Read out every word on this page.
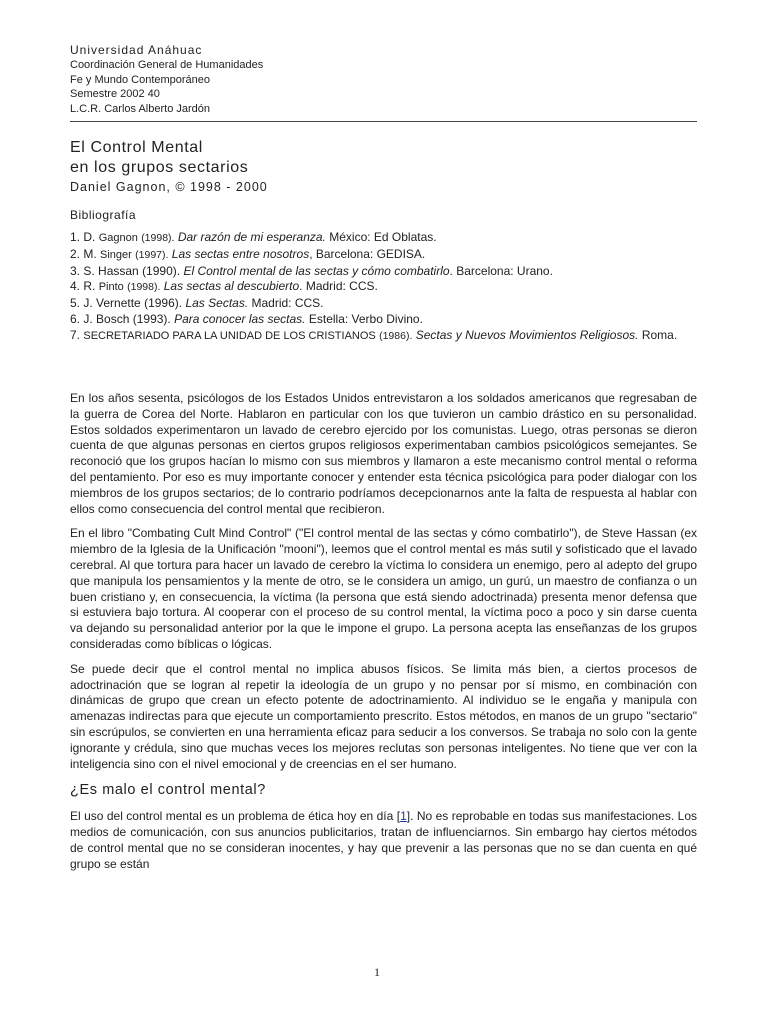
Universidad Anáhuac
Coordinación General de Humanidades
Fe y Mundo Contemporáneo
Semestre 2002 40
L.C.R. Carlos Alberto Jardón
El Control Mental
en los grupos sectarios
Daniel Gagnon, © 1998 - 2000
Bibliografía
1. D. Gagnon (1998). Dar razón de mi esperanza. México: Ed Oblatas.
2. M. Singer (1997). Las sectas entre nosotros, Barcelona: GEDISA.
3. S. Hassan (1990). El Control mental de las sectas y cómo combatirlo. Barcelona: Urano.
4. R. Pinto (1998). Las sectas al descubierto. Madrid: CCS.
5. J. Vernette (1996). Las Sectas. Madrid: CCS.
6. J. Bosch (1993). Para conocer las sectas. Estella: Verbo Divino.
7. SECRETARIADO PARA LA UNIDAD DE LOS CRISTIANOS (1986). Sectas y Nuevos Movimientos Religiosos. Roma.

En los años sesenta, psicólogos de los Estados Unidos entrevistaron a los soldados americanos que regresaban de la guerra de Corea del Norte. Hablaron en particular con los que tuvieron un cambio drástico en su personalidad. Estos soldados experimentaron un lavado de cerebro ejercido por los comunistas. Luego, otras personas se dieron cuenta de que algunas personas en ciertos grupos religiosos experimentaban cambios psicológicos semejantes. Se reconoció que los grupos hacían lo mismo con sus miembros y llamaron a este mecanismo control mental o reforma del pentamiento. Por eso es muy importante conocer y entender esta técnica psicológica para poder dialogar con los miembros de los grupos sectarios; de lo contrario podríamos decepcionarnos ante la falta de respuesta al hablar con ellos como consecuencia del control mental que recibieron.

En el libro "Combating Cult Mind Control" ("El control mental de las sectas y cómo combatirlo"), de Steve Hassan (ex miembro de la Iglesia de la Unificación "mooni"), leemos que el control mental es más sutil y sofisticado que el lavado cerebral. Al que tortura para hacer un lavado de cerebro la víctima lo considera un enemigo, pero al adepto del grupo que manipula los pensamientos y la mente de otro, se le considera un amigo, un gurú, un maestro de confianza o un buen cristiano y, en consecuencia, la víctima (la persona que está siendo adoctrinada) presenta menor defensa que si estuviera bajo tortura. Al cooperar con el proceso de su control mental, la víctima poco a poco y sin darse cuenta va dejando su personalidad anterior por la que le impone el grupo. La persona acepta las enseñanzas de los grupos consideradas como bíblicas o lógicas.

Se puede decir que el control mental no implica abusos físicos. Se limita más bien, a ciertos procesos de adoctrinación que se logran al repetir la ideología de un grupo y no pensar por sí mismo, en combinación con dinámicas de grupo que crean un efecto potente de adoctrinamiento. Al individuo se le engaña y manipula con amenazas indirectas para que ejecute un comportamiento prescrito. Estos métodos, en manos de un grupo "sectario" sin escrúpulos, se convierten en una herramienta eficaz para seducir a los conversos. Se trabaja no solo con la gente ignorante y crédula, sino que muchas veces los mejores reclutas son personas inteligentes. No tiene que ver con la inteligencia sino con el nivel emocional y de creencias en el ser humano.

¿Es malo el control mental?

El uso del control mental es un problema de ética hoy en día [1]. No es reprobable en todas sus manifestaciones. Los medios de comunicación, con sus anuncios publicitarios, tratan de influenciarnos. Sin embargo hay ciertos métodos de control mental que no se consideran inocentes, y hay que prevenir a las personas que no se dan cuenta en qué grupo se están

1
